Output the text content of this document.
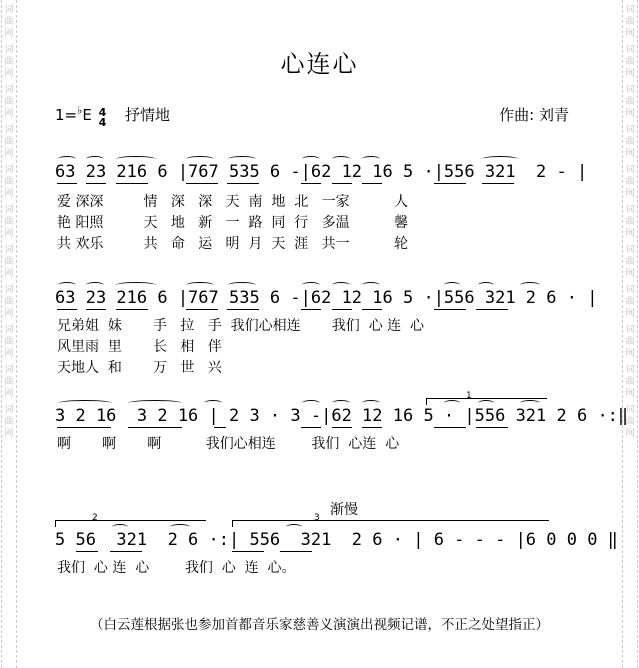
词曲网
词曲网
词曲网
词曲网
词曲网
词曲网
词曲网
词曲网
词曲网
词曲网
词曲网
词曲网
词曲网
词曲网
词曲网
词曲网
词曲网
词曲网
词曲网
词曲网
词曲网
词曲网
心连心
1=♭E 4
4 抒情地	作曲: 刘青
63 23 216 6 |767 535 6 -|62 12 16 5 ·|556 321  2 - |
爱 深深         情   深   深   天  南  地  北   一家          人
艳 阳照         天   地   新   一  路  同  行   多温          馨
共 欢乐         共   命   运   明  月  天  涯   共一          轮
63 23 216 6 |767 535 6 -|62 12 16 5 ·|556 321 2 6 · |
兄弟姐  妹       手   拉   手  我们心相连       我们  心 连  心
风里雨  里       长   相   伴
天地人  和       万   世   兴
1
3 2 16  3 2 16 | 2 3 · 3 -|62 12 16 5 · |556 321 2 6 ·:‖
啊       啊       啊          我们心相连        我们  心连  心
渐慢
2	3
5 56  321  2 6 ·:| 556  321  2 6 · | 6 - - - |6 0 0 0 ‖
我们  心 连  心        我们  心  连  心。
（白云莲根据张也参加首都音乐家慈善义演演出视频记谱，不正之处望指正）
